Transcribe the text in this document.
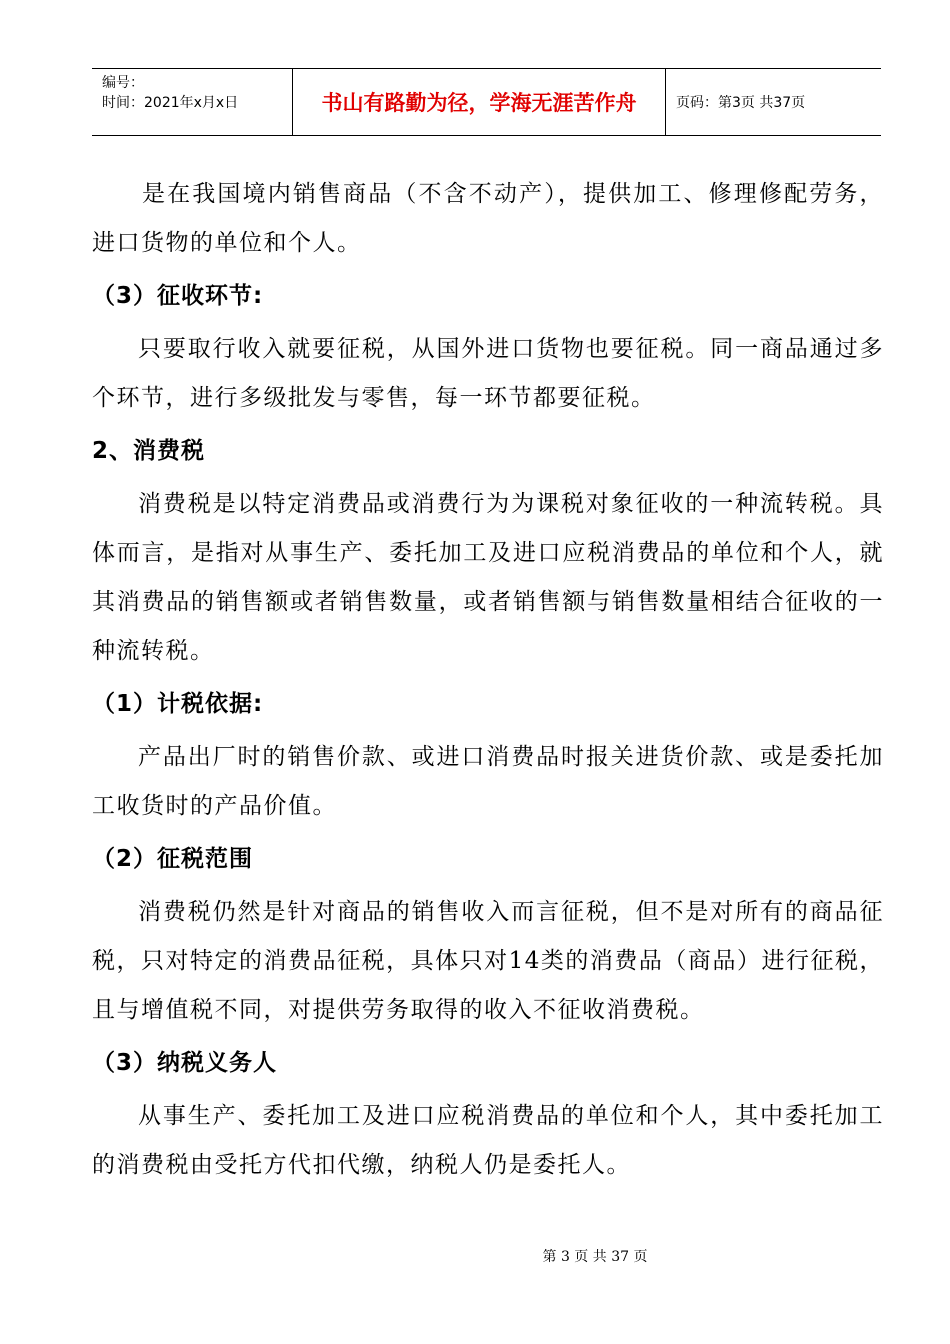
编号：
时间：2021年x月x日	书山有路勤为径，学海无涯苦作舟	页码：第3页 共37页

是在我国境内销售商品（不含不动产），提供加工、修理修配劳务，进口货物的单位和个人。

（3）征收环节:

只要取行收入就要征税，从国外进口货物也要征税。同一商品通过多个环节，进行多级批发与零售，每一环节都要征税。

2、消费税

消费税是以特定消费品或消费行为为课税对象征收的一种流转税。具体而言，是指对从事生产、委托加工及进口应税消费品的单位和个人，就其消费品的销售额或者销售数量，或者销售额与销售数量相结合征收的一种流转税。

（1）计税依据:

产品出厂时的销售价款、或进口消费品时报关进货价款、或是委托加工收货时的产品价值。

（2）征税范围

消费税仍然是针对商品的销售收入而言征税，但不是对所有的商品征税，只对特定的消费品征税，具体只对14类的消费品（商品）进行征税，且与增值税不同，对提供劳务取得的收入不征收消费税。

（3）纳税义务人

从事生产、委托加工及进口应税消费品的单位和个人，其中委托加工的消费税由受托方代扣代缴，纳税人仍是委托人。

第 3 页 共 37 页
